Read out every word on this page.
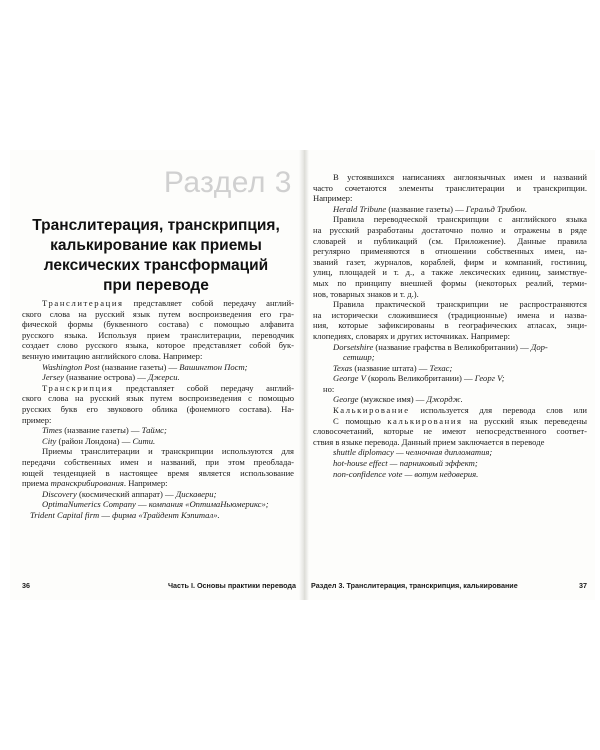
Раздел 3
Транслитерация, транскрипция,
калькирование как приемы
лексических трансформаций
при переводе

Транслитерация представляет собой передачу англий-
ского слова на русский язык путем воспроизведения его гра-
фической формы (буквенного состава) с помощью алфавита
русского языка. Используя прием транслитерации, переводчик
создает слово русского языка, которое представляет собой бук-
венную имитацию английского слова. Например:

Washington Post (название газеты) — Вашингтон Пост;
Jersey (название острова) — Джерси.

Транскрипция представляет собой передачу англий-
ского слова на русский язык путем воспроизведения с помощью
русских букв его звукового облика (фонемного состава). На-
пример:

Times (название газеты) — Таймс;
City (район Лондона) — Сити.

Приемы транслитерации и транскрипции используются для
передачи собственных имен и названий, при этом преоблада-
ющей тенденцией в настоящее время является использование
приема транскрибирования. Например:

Discovery (космический аппарат) — Дискавери;
OptimaNumerics Company — компания «ОптимаНьюмерикс»;
Trident Capital firm — фирма «Трайдент Кэпитал».

36	Часть I. Основы практики перевода

В устоявшихся написаниях англоязычных имен и названий
часто сочетаются элементы транслитерации и транскрипции.
Например:

Herald Tribune (название газеты) — Геральд Трибюн.

Правила переводческой транскрипции с английского языка
на русский разработаны достаточно полно и отражены в ряде
словарей и публикаций (см. Приложение). Данные правила
регулярно применяются в отношении собственных имен, на-
званий газет, журналов, кораблей, фирм и компаний, гостиниц,
улиц, площадей и т. д., а также лексических единиц, заимствуе-
мых по принципу внешней формы (некоторых реалий, терми-
нов, товарных знаков и т. д.).

Правила практической транскрипции не распространяются
на исторически сложившиеся (традиционные) имена и назва-
ния, которые зафиксированы в географических атласах, энци-
клопедиях, словарях и других источниках. Например:

Dorsetshire (название графства в Великобритании) — Дор-
сетшир;
Texas (название штата) — Техас;
George V (король Великобритании) — Георг V;
но:
George (мужское имя) — Джордж.

Калькирование используется для перевода слов или

С помощью калькирования на русский язык переведены
словосочетаний, которые не имеют непосредственного соответ-
ствия в языке перевода. Данный прием заключается в переводе

shuttle diplomacy — челночная дипломатия;
hot-house effect — парниковый эффект;
non-confidence vote — вотум недоверия.

Раздел 3. Транслитерация, транскрипция, калькирование	37
